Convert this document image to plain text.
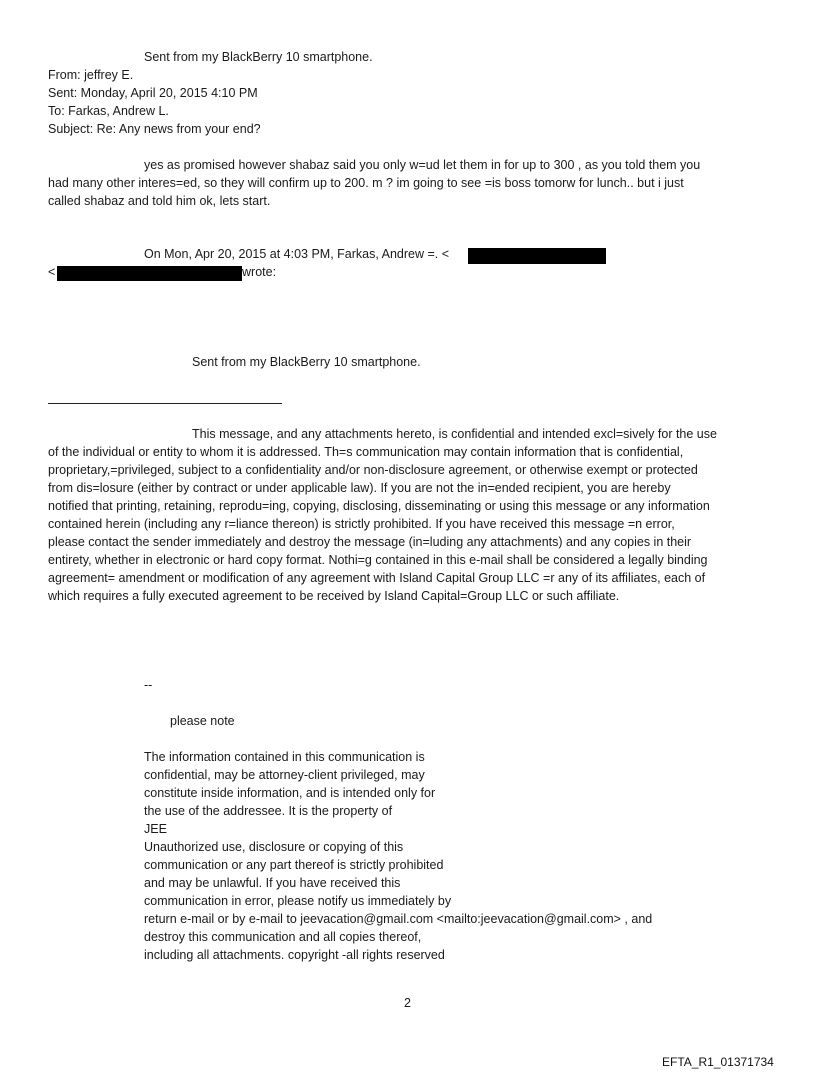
Sent from my BlackBerry 10 smartphone.
From: jeffrey E.
Sent: Monday, April 20, 2015 4:10 PM
To: Farkas, Andrew L.
Subject: Re: Any news from your end?
yes as promised however shabaz said you only w=ud let them in for up to 300 , as you told them you
had many other interes=ed, so they will confirm up to 200. m ? im going to see =is boss tomorw for lunch.. but i just
called shabaz and told him ok, lets start.
On Mon, Apr 20, 2015 at 4:03 PM, Farkas, Andrew =. <
<	wrote:
Sent from my BlackBerry 10 smartphone.
This message, and any attachments hereto, is confidential and intended excl=sively for the use
of the individual or entity to whom it is addressed. Th=s communication may contain information that is confidential,
proprietary,=privileged, subject to a confidentiality and/or non-disclosure agreement, or otherwise exempt or protected
from dis=losure (either by contract or under applicable law). If you are not the in=ended recipient, you are hereby
notified that printing, retaining, reprodu=ing, copying, disclosing, disseminating or using this message or any information
contained herein (including any r=liance thereon) is strictly prohibited. If you have received this message =n error,
please contact the sender immediately and destroy the message (in=luding any attachments) and any copies in their
entirety, whether in electronic or hard copy format. Nothi=g contained in this e-mail shall be considered a legally binding
agreement= amendment or modification of any agreement with Island Capital Group LLC =r any of its affiliates, each of
which requires a fully executed agreement to be received by Island Capital=Group LLC or such affiliate.
--
please note
The information contained in this communication is
confidential, may be attorney-client privileged, may
constitute inside information, and is intended only for
the use of the addressee. It is the property of
JEE
Unauthorized use, disclosure or copying of this
communication or any part thereof is strictly prohibited
and may be unlawful. If you have received this
communication in error, please notify us immediately by
return e-mail or by e-mail to jeevacation@gmail.com <mailto:jeevacation@gmail.com> , and
destroy this communication and all copies thereof,
including all attachments. copyright -all rights reserved
2
EFTA_R1_01371734
